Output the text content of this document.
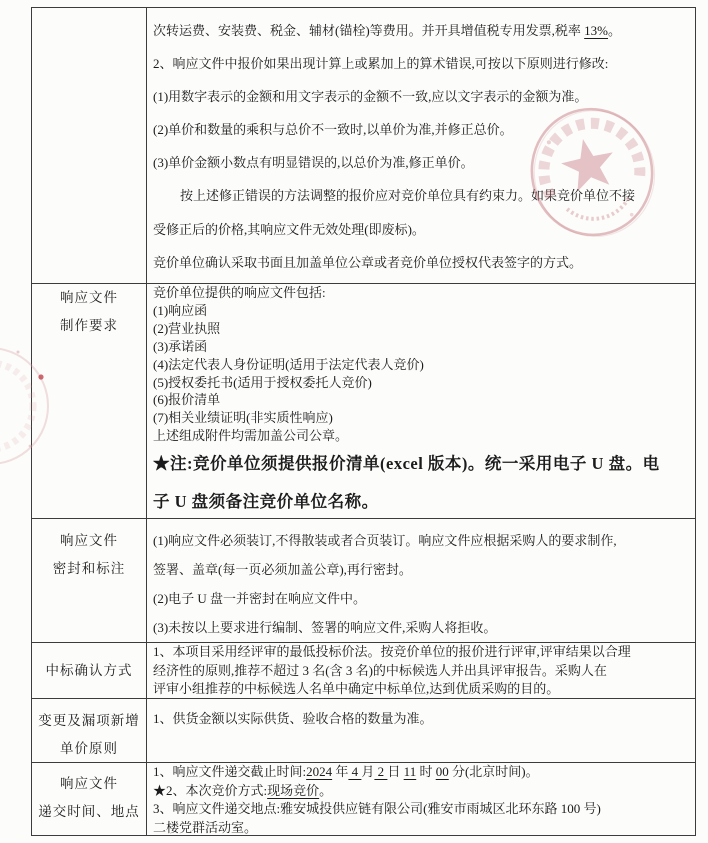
次转运费、安装费、税金、辅材(锚栓)等费用。并开具增值税专用发票,税率 13%。
2、响应文件中报价如果出现计算上或累加上的算术错误,可按以下原则进行修改:
(1)用数字表示的金额和用文字表示的金额不一致,应以文字表示的金额为准。
(2)单价和数量的乘积与总价不一致时,以单价为准,并修正总价。
(3)单价金额小数点有明显错误的,以总价为准,修正单价。
按上述修正错误的方法调整的报价应对竞价单位具有约束力。如果竞价单位不接
受修正后的价格,其响应文件无效处理(即废标)。
竞价单位确认采取书面且加盖单位公章或者竞价单位授权代表签字的方式。
响应文件
制作要求
竞价单位提供的响应文件包括:
(1)响应函
(2)营业执照
(3)承诺函
(4)法定代表人身份证明(适用于法定代表人竞价)
(5)授权委托书(适用于授权委托人竞价)
(6)报价清单
(7)相关业绩证明(非实质性响应)
上述组成附件均需加盖公司公章。
★注:竞价单位须提供报价清单(excel 版本)。统一采用电子 U 盘。电
子 U 盘须备注竞价单位名称。
响应文件
密封和标注
(1)响应文件必须装订,不得散装或者合页装订。响应文件应根据采购人的要求制作,
签署、盖章(每一页必须加盖公章),再行密封。
(2)电子 U 盘一并密封在响应文件中。
(3)未按以上要求进行编制、签署的响应文件,采购人将拒收。
中标确认方式
1、本项目采用经评审的最低投标价法。按竞价单位的报价进行评审,评审结果以合理
经济性的原则,推荐不超过 3 名(含 3 名)的中标候选人并出具评审报告。采购人在
评审小组推荐的中标候选人名单中确定中标单位,达到优质采购的目的。
变更及漏项新增
单价原则
1、供货金额以实际供货、验收合格的数量为准。
响应文件
递交时间、地点
1、响应文件递交截止时间:2024 年 4 月 2 日 11 时 00 分(北京时间)。
★2、本次竞价方式:现场竞价。
3、响应文件递交地点:雅安城投供应链有限公司(雅安市雨城区北环东路 100 号)
二楼党群活动室。
